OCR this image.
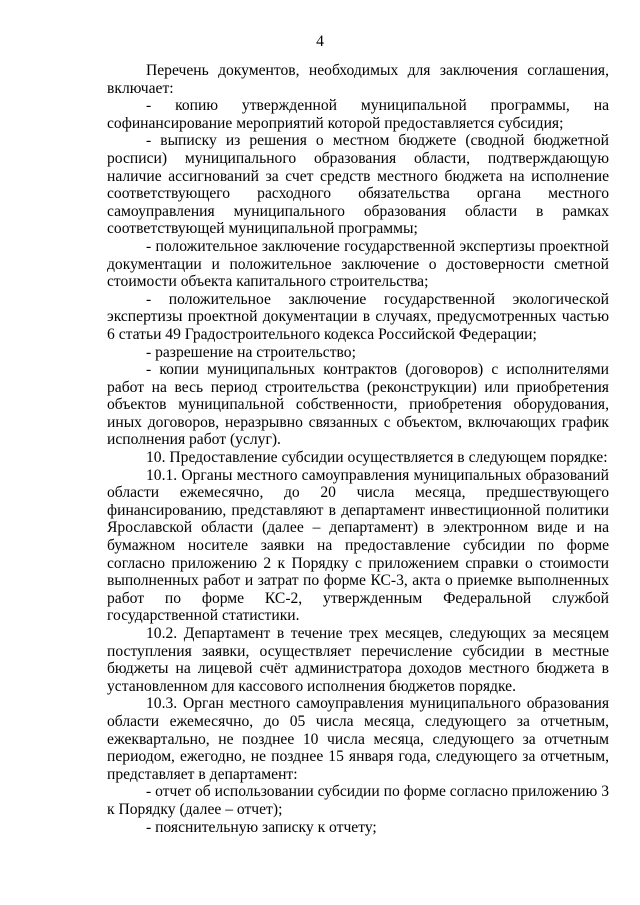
4

Перечень документов, необходимых для заключения соглашения, включает:

- копию утвержденной муниципальной программы, на софинансирование мероприятий которой предоставляется субсидия;

- выписку из решения о местном бюджете (сводной бюджетной росписи) муниципального образования области, подтверждающую наличие ассигнований за счет средств местного бюджета на исполнение соответствующего расходного обязательства органа местного самоуправления муниципального образования области в рамках соответствующей муниципальной программы;

- положительное заключение государственной экспертизы проектной документации и положительное заключение о достоверности сметной стоимости объекта капитального строительства;

- положительное заключение государственной экологической экспертизы проектной документации в случаях, предусмотренных частью 6 статьи 49 Градостроительного кодекса Российской Федерации;

- разрешение на строительство;

- копии муниципальных контрактов (договоров) с исполнителями работ на весь период строительства (реконструкции) или приобретения объектов муниципальной собственности, приобретения оборудования, иных договоров, неразрывно связанных с объектом, включающих график исполнения работ (услуг).

10. Предоставление субсидии осуществляется в следующем порядке:

10.1. Органы местного самоуправления муниципальных образований области ежемесячно, до 20 числа месяца, предшествующего финансированию, представляют в департамент инвестиционной политики Ярославской области (далее – департамент) в электронном виде и на бумажном носителе заявки на предоставление субсидии по форме согласно приложению 2 к Порядку с приложением справки о стоимости выполненных работ и затрат по форме КС-3, акта о приемке выполненных работ по форме КС-2, утвержденным Федеральной службой государственной статистики.

10.2. Департамент в течение трех месяцев, следующих за месяцем поступления заявки, осуществляет перечисление субсидии в местные бюджеты на лицевой счёт администратора доходов местного бюджета в установленном для кассового исполнения бюджетов порядке.

10.3. Орган местного самоуправления муниципального образования области ежемесячно, до 05 числа месяца, следующего за отчетным, ежеквартально, не позднее 10 числа месяца, следующего за отчетным периодом, ежегодно, не позднее 15 января года, следующего за отчетным, представляет в департамент:

- отчет об использовании субсидии по форме согласно приложению 3 к Порядку (далее – отчет);

- пояснительную записку к отчету;
